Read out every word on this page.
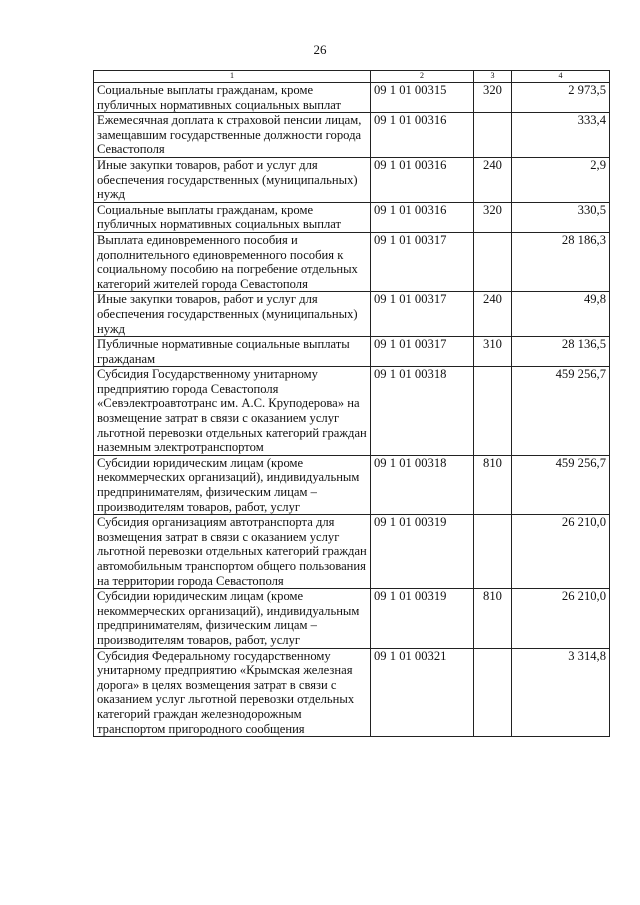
26
1	2	3	4
Социальные выплаты гражданам, кроме публичных нормативных социальных выплат	09 1 01 00315	320	2 973,5
Ежемесячная доплата к страховой пенсии лицам, замещавшим государственные должности города Севастополя	09 1 01 00316		333,4
Иные закупки товаров, работ и услуг для обеспечения государственных (муниципальных) нужд	09 1 01 00316	240	2,9
Социальные выплаты гражданам, кроме публичных нормативных социальных выплат	09 1 01 00316	320	330,5
Выплата единовременного пособия и дополнительного единовременного пособия к социальному пособию на погребение отдельных категорий жителей города Севастополя	09 1 01 00317		28 186,3
Иные закупки товаров, работ и услуг для обеспечения государственных (муниципальных) нужд	09 1 01 00317	240	49,8
Публичные нормативные социальные выплаты гражданам	09 1 01 00317	310	28 136,5
Субсидия Государственному унитарному предприятию города Севастополя «Севэлектроавтотранс им. А.С. Круподерова» на возмещение затрат в связи с оказанием услуг льготной перевозки отдельных категорий граждан наземным электротранспортом	09 1 01 00318		459 256,7
Субсидии юридическим лицам (кроме некоммерческих организаций), индивидуальным предпринимателям, физическим лицам – производителям товаров, работ, услуг	09 1 01 00318	810	459 256,7
Субсидия организациям автотранспорта для возмещения затрат в связи с оказанием услуг льготной перевозки отдельных категорий граждан автомобильным транспортом общего пользования на территории города Севастополя	09 1 01 00319		26 210,0
Субсидии юридическим лицам (кроме некоммерческих организаций), индивидуальным предпринимателям, физическим лицам – производителям товаров, работ, услуг	09 1 01 00319	810	26 210,0
Субсидия Федеральному государственному унитарному предприятию «Крымская железная дорога» в целях возмещения затрат в связи с оказанием услуг льготной перевозки отдельных категорий граждан железнодорожным транспортом пригородного сообщения	09 1 01 00321		3 314,8
